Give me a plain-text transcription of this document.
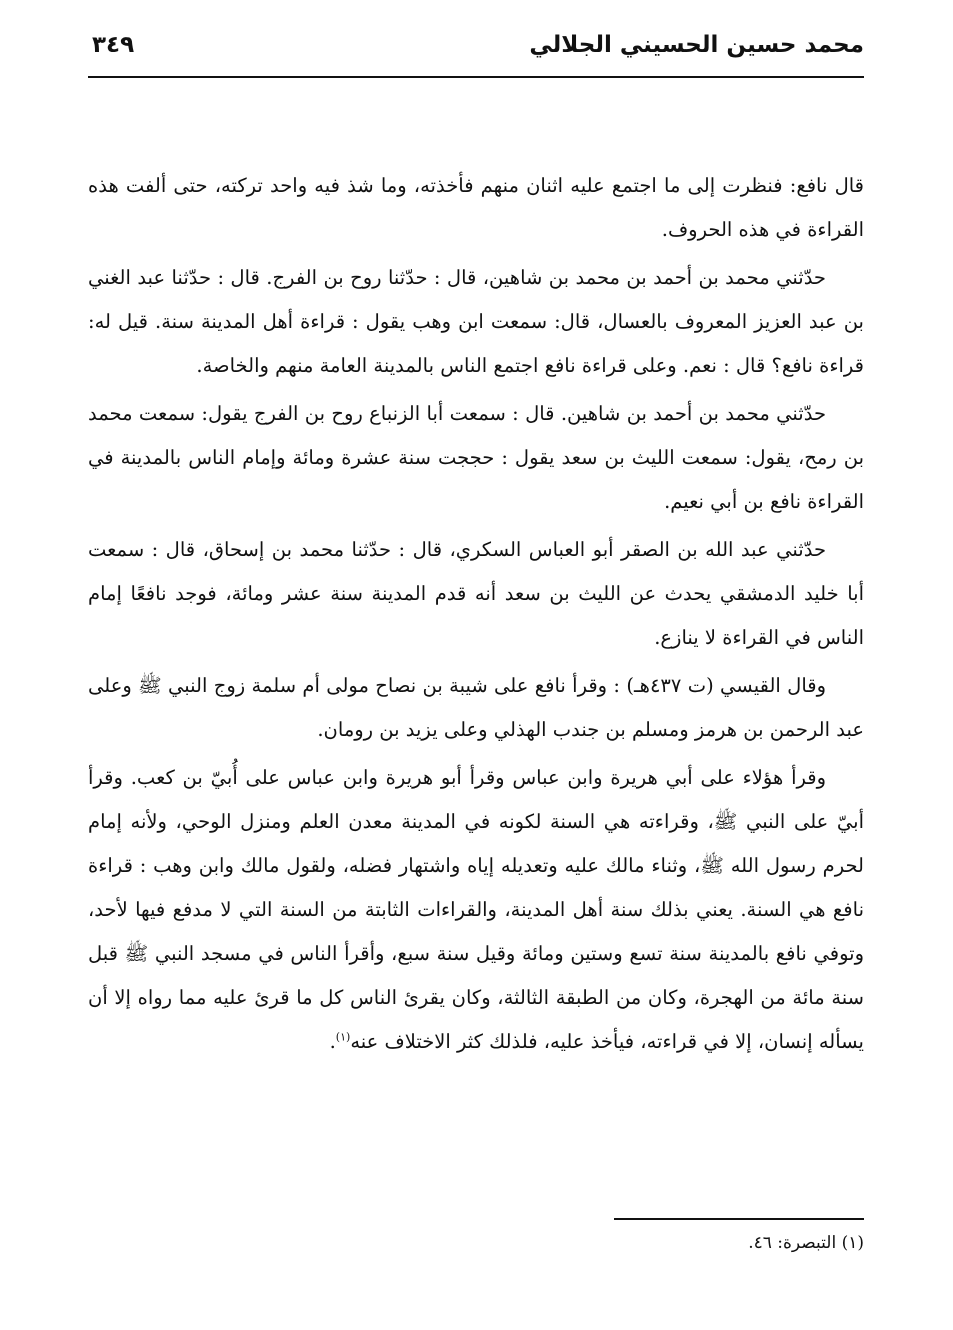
محمد حسين الحسيني الجلالي
٣٤٩

قال نافع: فنظرت إلى ما اجتمع عليه اثنان منهم فأخذته، وما شذ فيه واحد تركته، حتى ألفت هذه القراءة في هذه الحروف.

حدّثني محمد بن أحمد بن محمد بن شاهين، قال : حدّثنا روح بن الفرج. قال : حدّثنا عبد الغني بن عبد العزيز المعروف بالعسال، قال: سمعت ابن وهب يقول : قراءة أهل المدينة سنة. قيل له: قراءة نافع؟ قال : نعم. وعلى قراءة نافع اجتمع الناس بالمدينة العامة منهم والخاصة.

حدّثني محمد بن أحمد بن شاهين. قال : سمعت أبا الزنباع روح بن الفرج يقول: سمعت محمد بن رمح، يقول: سمعت الليث بن سعد يقول : حججت سنة عشرة ومائة وإمام الناس بالمدينة في القراءة نافع بن أبي نعيم.

حدّثني عبد الله بن الصقر أبو العباس السكري، قال : حدّثنا محمد بن إسحاق، قال : سمعت أبا خليد الدمشقي يحدث عن الليث بن سعد أنه قدم المدينة سنة عشر ومائة، فوجد نافعًا إمام الناس في القراءة لا ينازع.

وقال القيسي (ت ٤٣٧هـ) : وقرأ نافع على شيبة بن نصاح مولى أم سلمة زوج النبي ﷺ وعلى عبد الرحمن بن هرمز ومسلم بن جندب الهذلي وعلى يزيد بن رومان.

وقرأ هؤلاء على أبي هريرة وابن عباس وقرأ أبو هريرة وابن عباس على أُبيّ بن كعب. وقرأ أبيّ على النبي ﷺ، وقراءته هي السنة لكونه في المدينة معدن العلم ومنزل الوحي، ولأنه إمام لحرم رسول الله ﷺ، وثناء مالك عليه وتعديله إياه واشتهار فضله، ولقول مالك وابن وهب : قراءة نافع هي السنة. يعني بذلك سنة أهل المدينة، والقراءات الثابتة من السنة التي لا مدفع فيها لأحد، وتوفي نافع بالمدينة سنة تسع وستين ومائة وقيل سنة سبع، وأقرأ الناس في مسجد النبي ﷺ قبل سنة مائة من الهجرة، وكان من الطبقة الثالثة، وكان يقرئ الناس كل ما قرئ عليه مما رواه إلا أن يسأله إنسان، إلا في قراءته، فيأخذ عليه، فلذلك كثر الاختلاف عنه$^{(١)}$.

(١) التبصرة: ٤٦.
